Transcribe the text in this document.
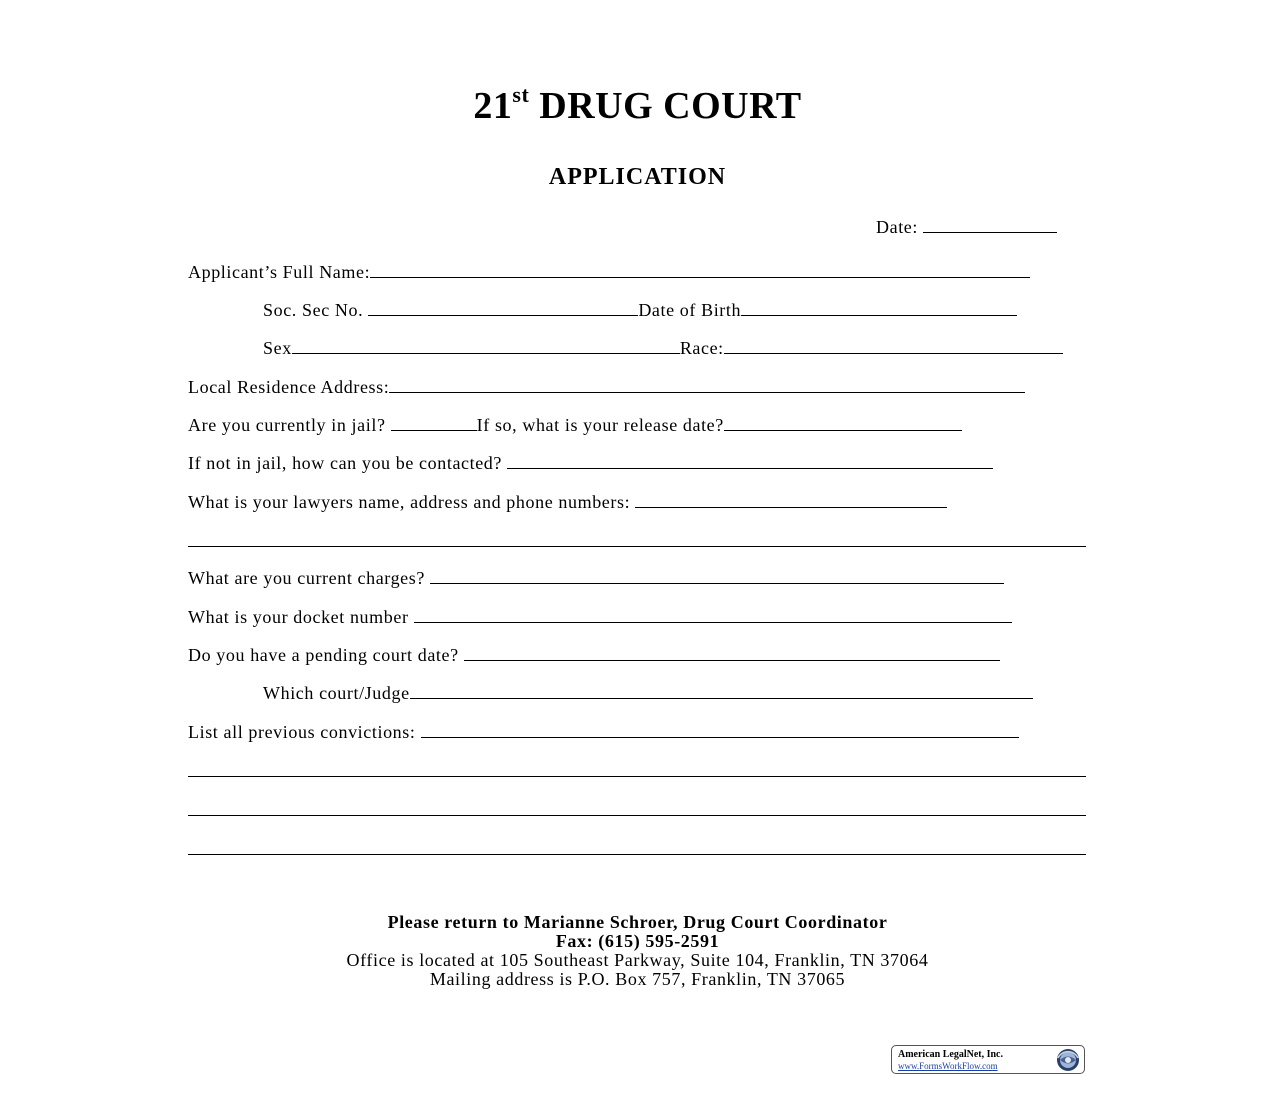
21st DRUG COURT
APPLICATION
Date:
Applicant’s Full Name:
Soc. Sec No.	Date of Birth
Sex	Race:
Local Residence Address:
Are you currently in jail?	If so, what is your release date?
If not in jail, how can you be contacted?
What is your lawyers name, address and phone numbers:
What are you current charges?
What is your docket number
Do you have a pending court date?
Which court/Judge
List all previous convictions:
Please return to Marianne Schroer, Drug Court Coordinator
Fax: (615) 595-2591
Office is located at 105 Southeast Parkway, Suite 104, Franklin, TN 37064
Mailing address is P.O. Box 757, Franklin, TN 37065
American LegalNet, Inc.
www.FormsWorkFlow.com
